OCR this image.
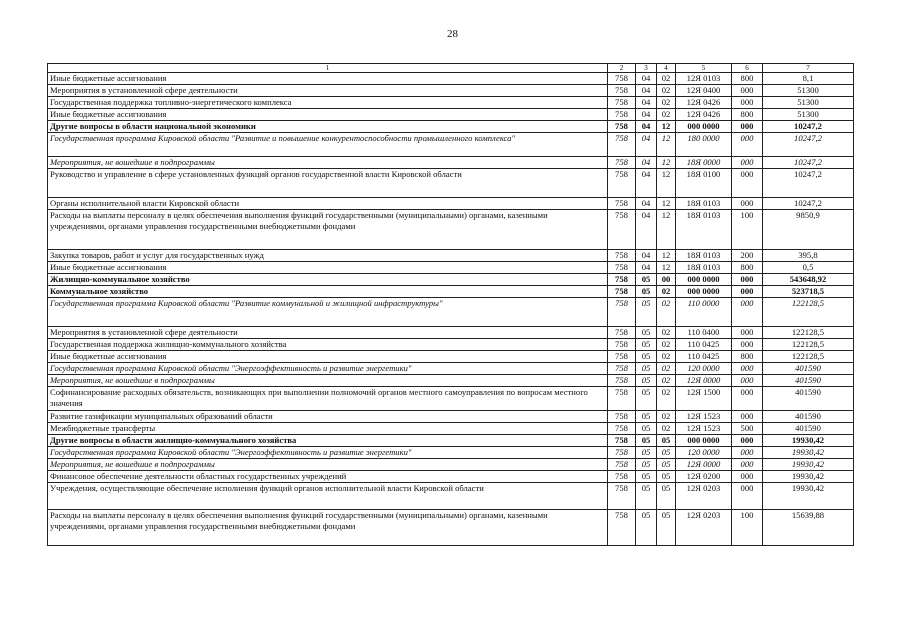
28
1	2	3	4	5	6	7
Иные бюджетные ассигнования	758	04	02	12Я 0103	800	8,1
Мероприятия в установленной сфере деятельности	758	04	02	12Я 0400	000	51300
Государственная поддержка топливно-энергетического комплекса	758	04	02	12Я 0426	000	51300
Иные бюджетные ассигнования	758	04	02	12Я 0426	800	51300
Другие вопросы в области национальной экономики	758	04	12	000 0000	000	10247,2
Государственная программа Кировской области "Развитие и повышение конкурентоспособности промышленного комплекса"	758	04	12	180 0000	000	10247,2
Мероприятия, не вошедшие в подпрограммы	758	04	12	18Я 0000	000	10247,2
Руководство и управление в сфере установленных функций органов государственной власти Кировской области	758	04	12	18Я 0100	000	10247,2
Органы исполнительной власти Кировской области	758	04	12	18Я 0103	000	10247,2
Расходы на выплаты персоналу в целях обеспечения выполнения функций государственными (муниципальными) органами, казенными учреждениями, органами управления государственными внебюджетными фондами	758	04	12	18Я 0103	100	9850,9
Закупка товаров, работ и услуг для государственных нужд	758	04	12	18Я 0103	200	395,8
Иные бюджетные ассигнования	758	04	12	18Я 0103	800	0,5
Жилищно-коммунальное хозяйство	758	05	00	000 0000	000	543648,92
Коммунальное хозяйство	758	05	02	000 0000	000	523718,5
Государственная программа Кировской области "Развитие коммунальной и жилищной инфраструктуры"	758	05	02	110 0000	000	122128,5
Мероприятия в установленной сфере деятельности	758	05	02	110 0400	000	122128,5
Государственная поддержка жилищно-коммунального хозяйства	758	05	02	110 0425	000	122128,5
Иные бюджетные ассигнования	758	05	02	110 0425	800	122128,5
Государственная программа Кировской области "Энергоэффективность и развитие энергетики"	758	05	02	120 0000	000	401590
Мероприятия, не вошедшие в подпрограммы	758	05	02	12Я 0000	000	401590
Софинансирование расходных обязательств, возникающих при выполнении полномочий органов местного самоуправления по вопросам местного значения	758	05	02	12Я 1500	000	401590
Развитие газификации муниципальных образований области	758	05	02	12Я 1523	000	401590
Межбюджетные трансферты	758	05	02	12Я 1523	500	401590
Другие вопросы в области жилищно-коммунального хозяйства	758	05	05	000 0000	000	19930,42
Государственная программа Кировской области "Энергоэффективность и развитие энергетики"	758	05	05	120 0000	000	19930,42
Мероприятия, не вошедшие в подпрограммы	758	05	05	12Я 0000	000	19930,42
Финансовое обеспечение деятельности областных государственных учреждений	758	05	05	12Я 0200	000	19930,42
Учреждения, осуществляющие обеспечение исполнения функций органов исполнительной власти Кировской области	758	05	05	12Я 0203	000	19930,42
Расходы на выплаты персоналу в целях обеспечения выполнения функций государственными (муниципальными) органами, казенными учреждениями, органами управления государственными внебюджетными фондами	758	05	05	12Я 0203	100	15639,88
